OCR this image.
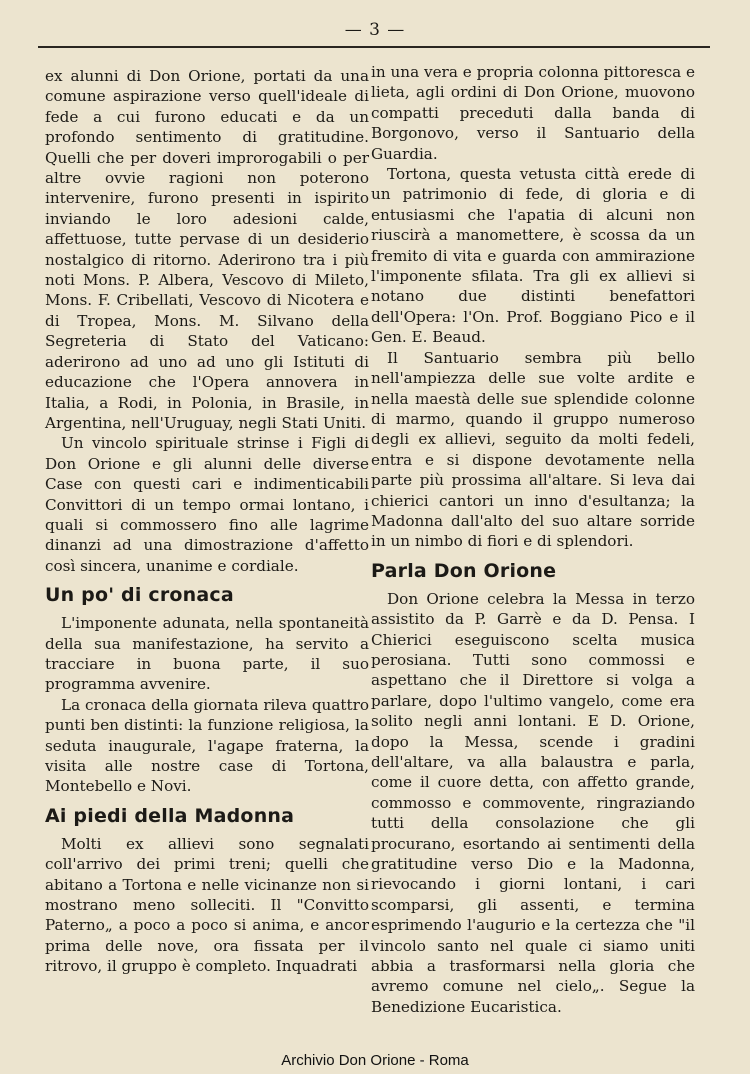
— 3 —

ex alunni di Don Orione, portati da una comune aspirazione verso quell'ideale di fede a cui furono educati e da un profondo sentimento di gratitudine. Quelli che per doveri improrogabili o per altre ovvie ragioni non poterono intervenire, furono presenti in ispirito inviando le loro adesioni calde, affettuose, tutte pervase di un desiderio nostalgico di ritorno. Aderirono tra i più noti Mons. P. Albera, Vescovo di Mileto, Mons. F. Cribellati, Vescovo di Nicotera e di Tropea, Mons. M. Silvano della Segreteria di Stato del Vaticano: aderirono ad uno ad uno gli Istituti di educazione che l'Opera annovera in Italia, a Rodi, in Polonia, in Brasile, in Argentina, nell'Uruguay, negli Stati Uniti.

Un vincolo spirituale strinse i Figli di Don Orione e gli alunni delle diverse Case con questi cari e indimenticabili Convittori di un tempo ormai lontano, i quali si commossero fino alle lagrime dinanzi ad una dimostrazione d'affetto così sincera, unanime e cordiale.

Un po' di cronaca

L'imponente adunata, nella spontaneità della sua manifestazione, ha servito a tracciare in buona parte, il suo programma avvenire.

La cronaca della giornata rileva quattro punti ben distinti: la funzione religiosa, la seduta inaugurale, l'agape fraterna, la visita alle nostre case di Tortona, Montebello e Novi.

Ai piedi della Madonna

Molti ex allievi sono segnalati coll'arrivo dei primi treni; quelli che abitano a Tortona e nelle vicinanze non si mostrano meno solleciti. Il "Convitto Paterno„ a poco a poco si anima, e ancor prima delle nove, ora fissata per il ritrovo, il gruppo è completo. Inquadrati

in una vera e propria colonna pittoresca e lieta, agli ordini di Don Orione, muovono compatti preceduti dalla banda di Borgonovo, verso il Santuario della Guardia.

Tortona, questa vetusta città erede di un patrimonio di fede, di gloria e di entusiasmi che l'apatia di alcuni non riuscirà a manomettere, è scossa da un fremito di vita e guarda con ammirazione l'imponente sfilata. Tra gli ex allievi si notano due distinti benefattori dell'Opera: l'On. Prof. Boggiano Pico e il Gen. E. Beaud.

Il Santuario sembra più bello nell'ampiezza delle sue volte ardite e nella maestà delle sue splendide colonne di marmo, quando il gruppo numeroso degli ex allievi, seguito da molti fedeli, entra e si dispone devotamente nella parte più prossima all'altare. Si leva dai chierici cantori un inno d'esultanza; la Madonna dall'alto del suo altare sorride in un nimbo di fiori e di splendori.

Parla Don Orione

Don Orione celebra la Messa in terzo assistito da P. Garrè e da D. Pensa. I Chierici eseguiscono scelta musica perosiana. Tutti sono commossi e aspettano che il Direttore si volga a parlare, dopo l'ultimo vangelo, come era solito negli anni lontani. E D. Orione, dopo la Messa, scende i gradini dell'altare, va alla balaustra e parla, come il cuore detta, con affetto grande, commosso e commovente, ringraziando tutti della consolazione che gli procurano, esortando ai sentimenti della gratitudine verso Dio e la Madonna, rievocando i giorni lontani, i cari scomparsi, gli assenti, e termina esprimendo l'augurio e la certezza che "il vincolo santo nel quale ci siamo uniti abbia a trasformarsi nella gloria che avremo comune nel cielo„. Segue la Benedizione Eucaristica.

Archivio Don Orione - Roma
